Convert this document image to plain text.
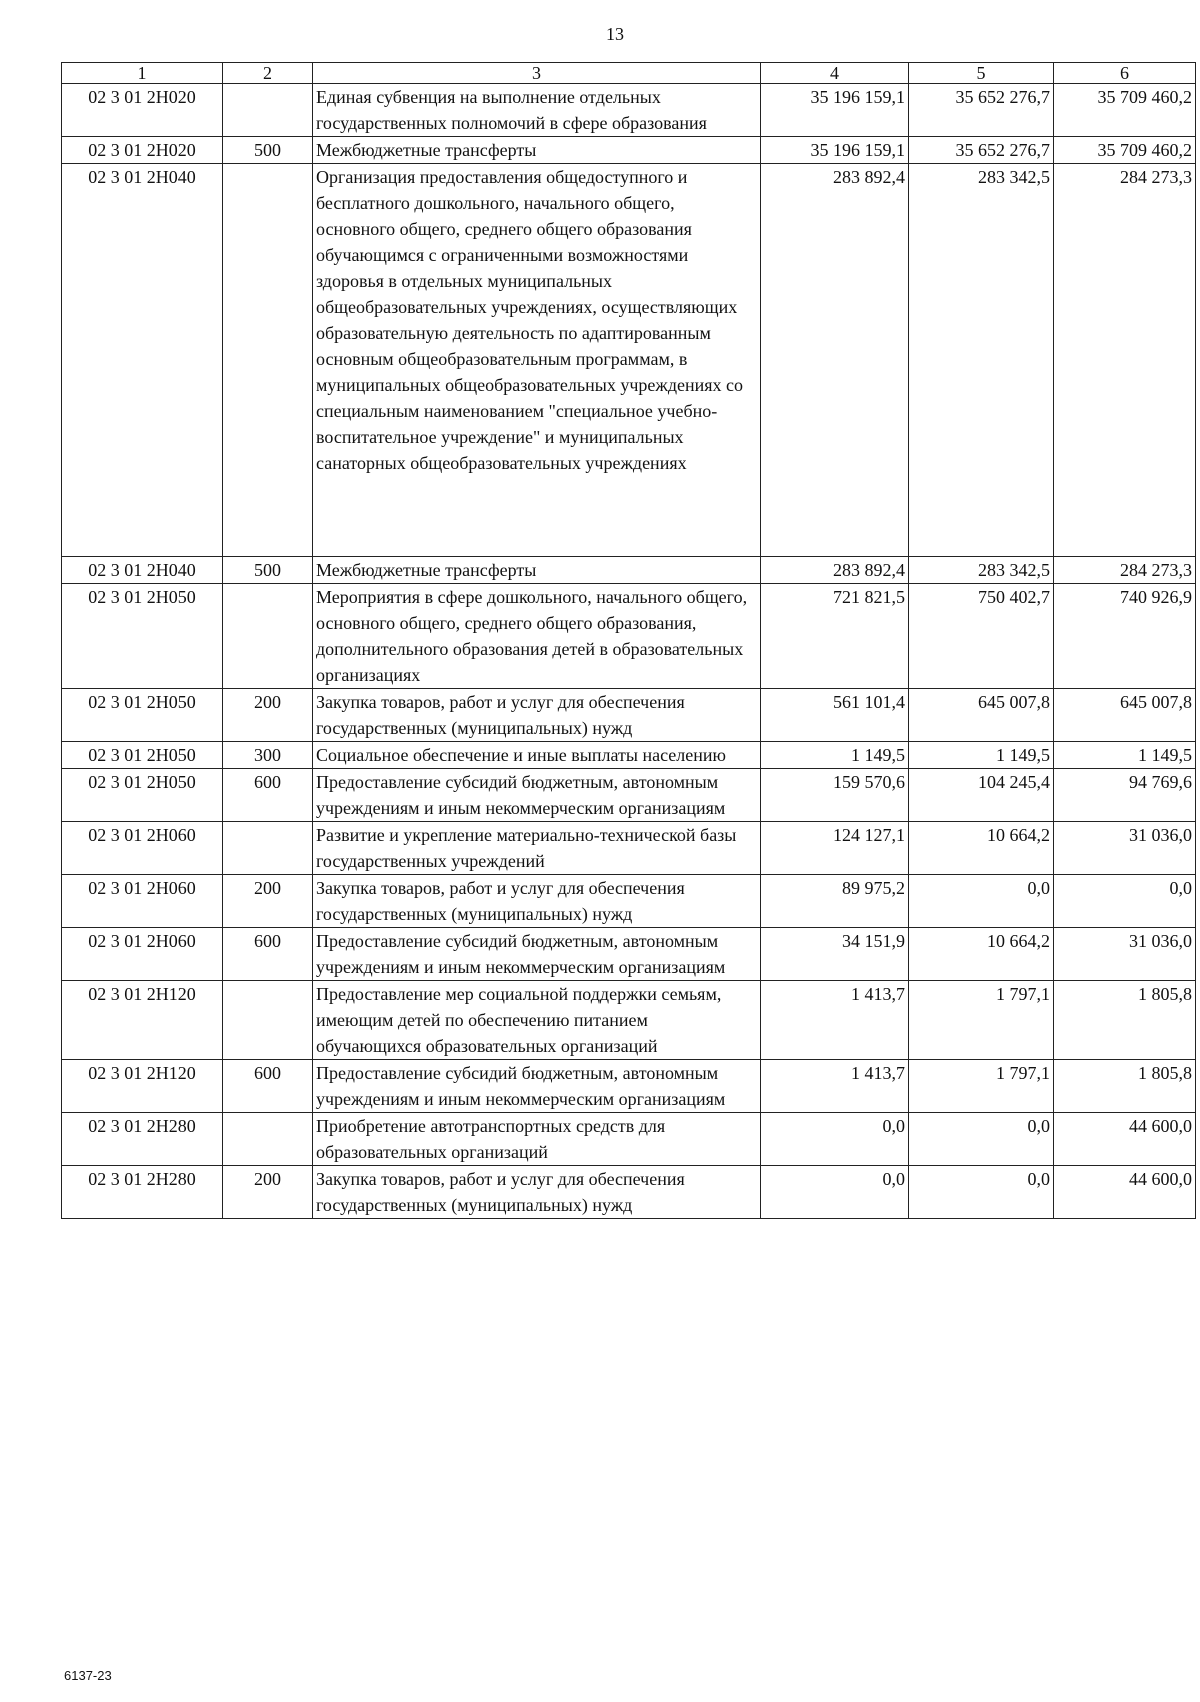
13
1	2	3	4	5	6
02 3 01 2Н020		Единая субвенция на выполнение отдельных государственных полномочий в сфере образования	35 196 159,1	35 652 276,7	35 709 460,2
02 3 01 2Н020	500	Межбюджетные трансферты	35 196 159,1	35 652 276,7	35 709 460,2
02 3 01 2Н040		Организация предоставления общедоступного и бесплатного дошкольного, начального общего, основного общего, среднего общего образования обучающимся с ограниченными возможностями здоровья в отдельных муниципальных общеобразовательных учреждениях, осуществляющих образовательную деятельность по адаптированным основным общеобразовательным программам, в муниципальных общеобразовательных учреждениях со специальным наименованием "специальное учебно-воспитательное учреждение" и муниципальных санаторных общеобразовательных учреждениях	283 892,4	283 342,5	284 273,3
02 3 01 2Н040	500	Межбюджетные трансферты	283 892,4	283 342,5	284 273,3
02 3 01 2Н050		Мероприятия в сфере дошкольного, начального общего, основного общего, среднего общего образования, дополнительного образования детей в образовательных организациях	721 821,5	750 402,7	740 926,9
02 3 01 2Н050	200	Закупка товаров, работ и услуг для обеспечения государственных (муниципальных) нужд	561 101,4	645 007,8	645 007,8
02 3 01 2Н050	300	Социальное обеспечение и иные выплаты населению	1 149,5	1 149,5	1 149,5
02 3 01 2Н050	600	Предоставление субсидий бюджетным, автономным учреждениям и иным некоммерческим организациям	159 570,6	104 245,4	94 769,6
02 3 01 2Н060		Развитие и укрепление материально-технической базы государственных учреждений	124 127,1	10 664,2	31 036,0
02 3 01 2Н060	200	Закупка товаров, работ и услуг для обеспечения государственных (муниципальных) нужд	89 975,2	0,0	0,0
02 3 01 2Н060	600	Предоставление субсидий бюджетным, автономным учреждениям и иным некоммерческим организациям	34 151,9	10 664,2	31 036,0
02 3 01 2Н120		Предоставление мер социальной поддержки семьям, имеющим детей по обеспечению питанием обучающихся образовательных организаций	1 413,7	1 797,1	1 805,8
02 3 01 2Н120	600	Предоставление субсидий бюджетным, автономным учреждениям и иным некоммерческим организациям	1 413,7	1 797,1	1 805,8
02 3 01 2Н280		Приобретение автотранспортных средств для образовательных организаций	0,0	0,0	44 600,0
02 3 01 2Н280	200	Закупка товаров, работ и услуг для обеспечения государственных (муниципальных) нужд	0,0	0,0	44 600,0
6137-23
